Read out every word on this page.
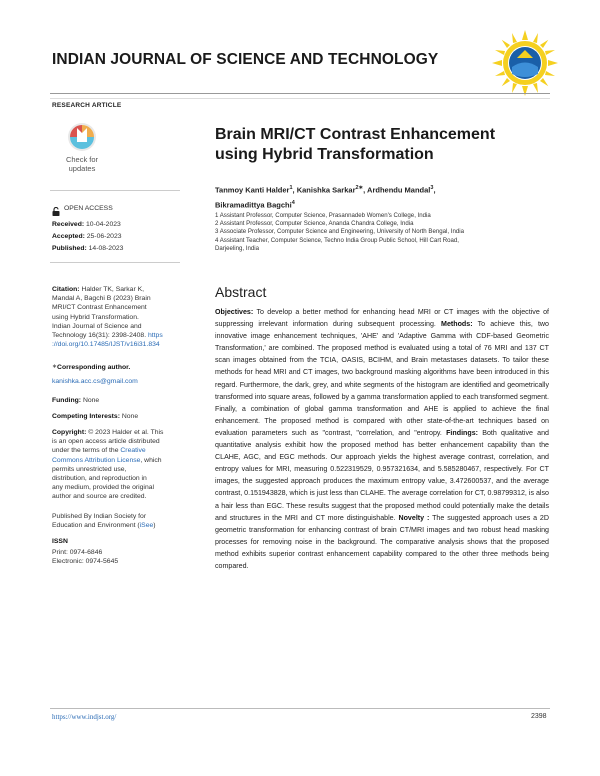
INDIAN JOURNAL OF SCIENCE AND TECHNOLOGY
RESEARCH ARTICLE
Check for
updates
OPEN ACCESS
Received: 10-04-2023
Accepted: 25-06-2023
Published: 14-08-2023
Citation: Halder TK, Sarkar K,
Mandal A, Bagchi B (2023) Brain
MRI/CT Contrast Enhancement
using Hybrid Transformation.
Indian Journal of Science and
Technology 16(31): 2398-2408. https
://doi.org/10.17485/IJST/v16i31.834
∗Corresponding author.
kanishka.acc.cs@gmail.com
Funding: None
Competing Interests: None
Copyright: © 2023 Halder et al. This
is an open access article distributed
under the terms of the Creative
Commons Attribution License, which
permits unrestricted use,
distribution, and reproduction in
any medium, provided the original
author and source are credited.
Published By Indian Society for
Education and Environment (iSee)
ISSN
Print: 0974-6846
Electronic: 0974-5645
Brain MRI/CT Contrast Enhancement
using Hybrid Transformation
Tanmoy Kanti Halder$^1$, Kanishka Sarkar$^{2∗}$, Ardhendu Mandal$^3$,
Bikramadittya Bagchi$^4$
1 Assistant Professor, Computer Science, Prasannadeb Women's College, India
2 Assistant Professor, Computer Science, Ananda Chandra College, India
3 Associate Professor, Computer Science and Engineering, University of North Bengal, India
4 Assistant Teacher, Computer Science, Techno India Group Public School, Hill Cart Road,
Darjeeling, India
Abstract
Objectives: To develop a better method for enhancing head MRI or CT images with the objective of suppressing irrelevant information during subsequent processing. Methods: To achieve this, two innovative image enhancement techniques, 'AHE' and 'Adaptive Gamma with CDF-based Geometric Transformation,' are combined. The proposed method is evaluated using a total of 76 MRI and 137 CT scan images obtained from the TCIA, OASIS, BCIHM, and Brain metastases datasets. To tailor these methods for head MRI and CT images, two background masking algorithms have been introduced in this regard. Furthermore, the dark, grey, and white segments of the histogram are identified and geometrically transformed into square areas, followed by a gamma transformation applied to each transformed segment. Finally, a combination of global gamma transformation and AHE is applied to achieve the final enhancement. The proposed method is compared with other state-of-the-art techniques based on evaluation parameters such as "contrast, "correlation, and "entropy. Findings: Both qualitative and quantitative analysis exhibit how the proposed method has better enhancement capability than the CLAHE, AGC, and EGC methods. Our approach yields the highest average contrast, correlation, and entropy values for MRI, measuring 0.522319529, 0.957321634, and 5.585280467, respectively. For CT images, the suggested approach produces the maximum entropy value, 3.472600537, and the average contrast, 0.151943828, which is just less than CLAHE. The average correlation for CT, 0.98799312, is also a hair less than EGC. These results suggest that the proposed method could potentially make the details and structures in the MRI and CT more distinguishable. Novelty : The suggested approach uses a 2D geometric transformation for enhancing contrast of brain CT/MRI images and two robust head masking processes for removing noise in the background. The comparative analysis shows that the proposed method exhibits superior contrast enhancement capability compared to the other three methods being compared.
https://www.indjst.org/	2398
